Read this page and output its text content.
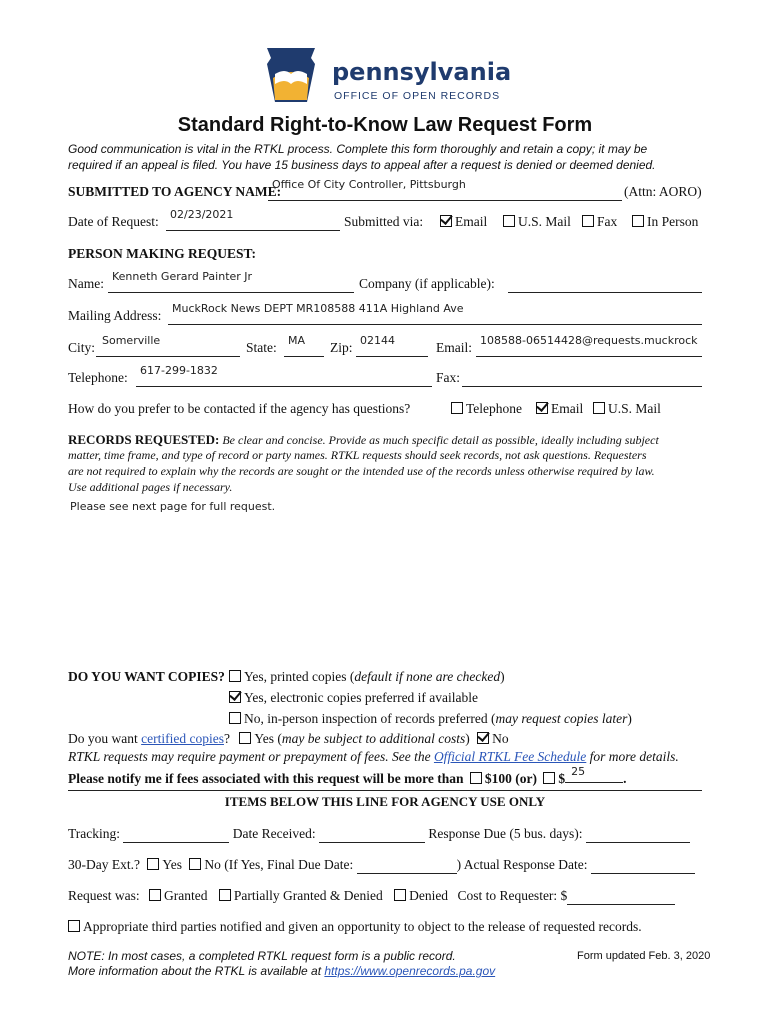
pennsylvania
OFFICE OF OPEN RECORDS
Standard Right-to-Know Law Request Form
Good communication is vital in the RTKL process. Complete this form thoroughly and retain a copy; it may be
required if an appeal is filed. You have 15 business days to appeal after a request is denied or deemed denied.
SUBMITTED TO AGENCY NAME:
Office Of City Controller, Pittsburgh	(Attn: AORO)
Date of Request: 02/23/2021	Submitted via:	Email	U.S. Mail	Fax	In Person
PERSON MAKING REQUEST:
Name: Kenneth Gerard Painter Jr	Company (if applicable):
Mailing Address: MuckRock News DEPT MR108588 411A Highland Ave
City: Somerville	State: MA Zip: 02144	Email: 108588-06514428@requests.muckrock
Telephone: 617-299-1832	Fax:
How do you prefer to be contacted if the agency has questions?	Telephone	Email	U.S. Mail
RECORDS REQUESTED: Be clear and concise. Provide as much specific detail as possible, ideally including subject
matter, time frame, and type of record or party names. RTKL requests should seek records, not ask questions. Requesters
are not required to explain why the records are sought or the intended use of the records unless otherwise required by law.
Use additional pages if necessary.
Please see next page for full request.
DO YOU WANT COPIES?	Yes, printed copies (default if none are checked)
Yes, electronic copies preferred if available
No, in-person inspection of records preferred (may request copies later)
Do you want certified copies? Yes (may be subject to additional costs) No
RTKL requests may require payment or prepayment of fees. See the Official RTKL Fee Schedule for more details.
Please notify me if fees associated with this request will be more than $100 (or) $ 25	.
ITEMS BELOW THIS LINE FOR AGENCY USE ONLY
Tracking:	Date Received:	Response Due (5 bus. days):
30-Day Ext.? Yes No (If Yes, Final Due Date:	) Actual Response Date:
Request was: Granted Partially Granted & Denied Denied Cost to Requester: $
Appropriate third parties notified and given an opportunity to object to the release of requested records.
NOTE: In most cases, a completed RTKL request form is a public record.
More information about the RTKL is available at https://www.openrecords.pa.gov
Form updated Feb. 3, 2020
